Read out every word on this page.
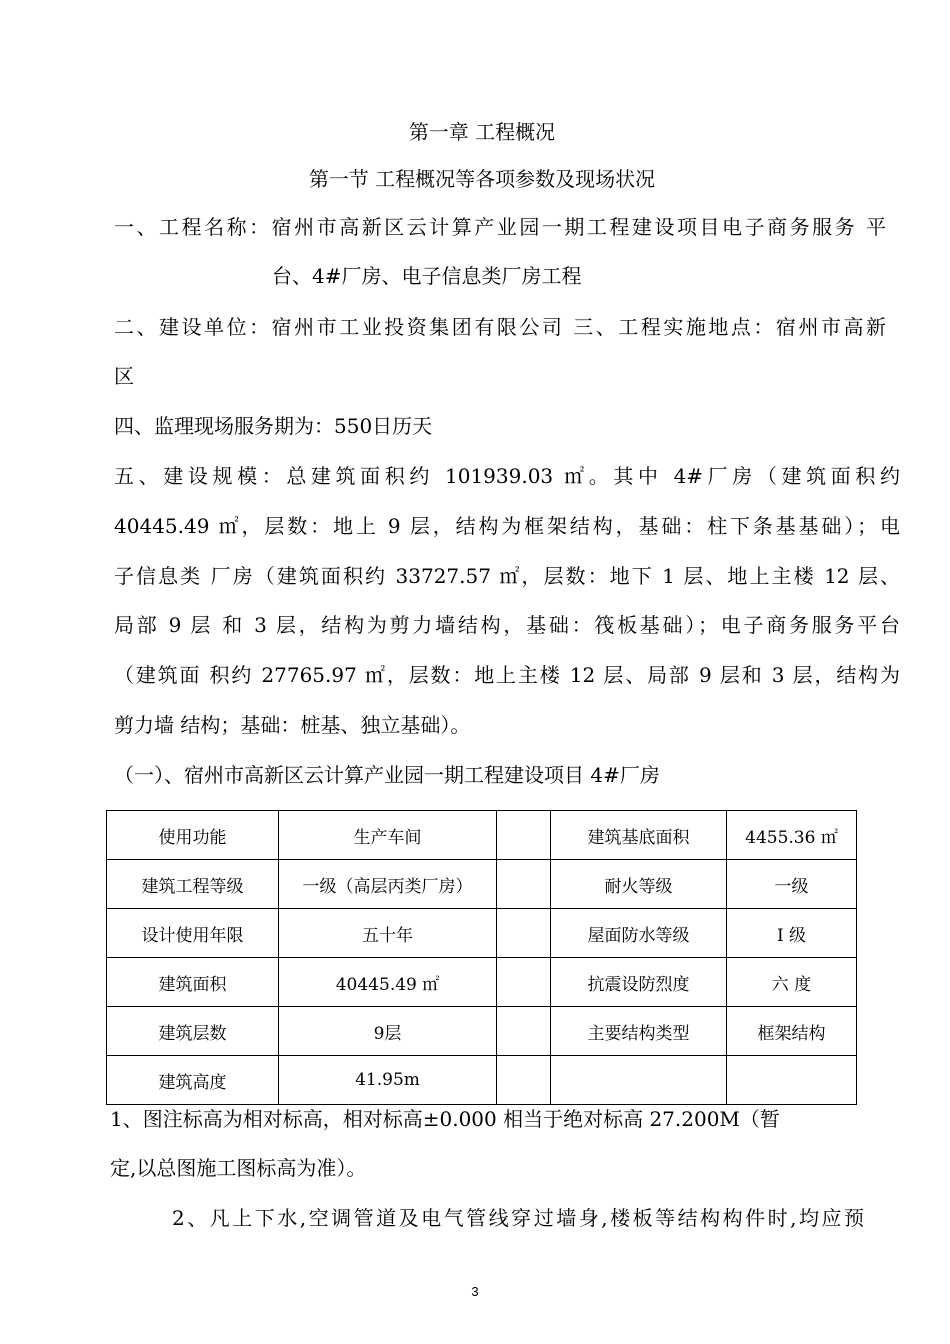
第一章 工程概况
第一节 工程概况等各项参数及现场状况
一、工程名称：宿州市高新区云计算产业园一期工程建设项目电子商务服务 平
台、4#厂房、电子信息类厂房工程
二、建设单位：宿州市工业投资集团有限公司 三、工程实施地点：宿州市高新
区
四、监理现场服务期为：550日历天
五、建设规模：总建筑面积约 101939.03 ㎡。其中 4#厂房（建筑面积约
40445.49 ㎡，层数：地上 9 层，结构为框架结构，基础：柱下条基基础）；电
子信息类 厂房（建筑面积约 33727.57 ㎡，层数：地下 1 层、地上主楼 12 层、
局部 9 层 和 3 层，结构为剪力墙结构，基础：筏板基础）；电子商务服务平台
（建筑面 积约 27765.97 ㎡，层数：地上主楼 12 层、局部 9 层和 3 层，结构为
剪力墙 结构；基础：桩基、独立基础）。
（一）、宿州市高新区云计算产业园一期工程建设项目 4#厂房
使用功能	生产车间		建筑基底面积	4455.36 ㎡
建筑工程等级	一级（高层丙类厂房）		耐火等级	一级
设计使用年限	五十年		屋面防水等级	Ⅰ 级
建筑面积	40445.49 ㎡		抗震设防烈度	六 度
建筑层数	9层		主要结构类型	框架结构
建筑高度	41.95m			
1、图注标高为相对标高，相对标高±0.000 相当于绝对标高 27.200M（暂
定,以总图施工图标高为准）。
2、凡上下水,空调管道及电气管线穿过墙身,楼板等结构构件时,均应预
3
